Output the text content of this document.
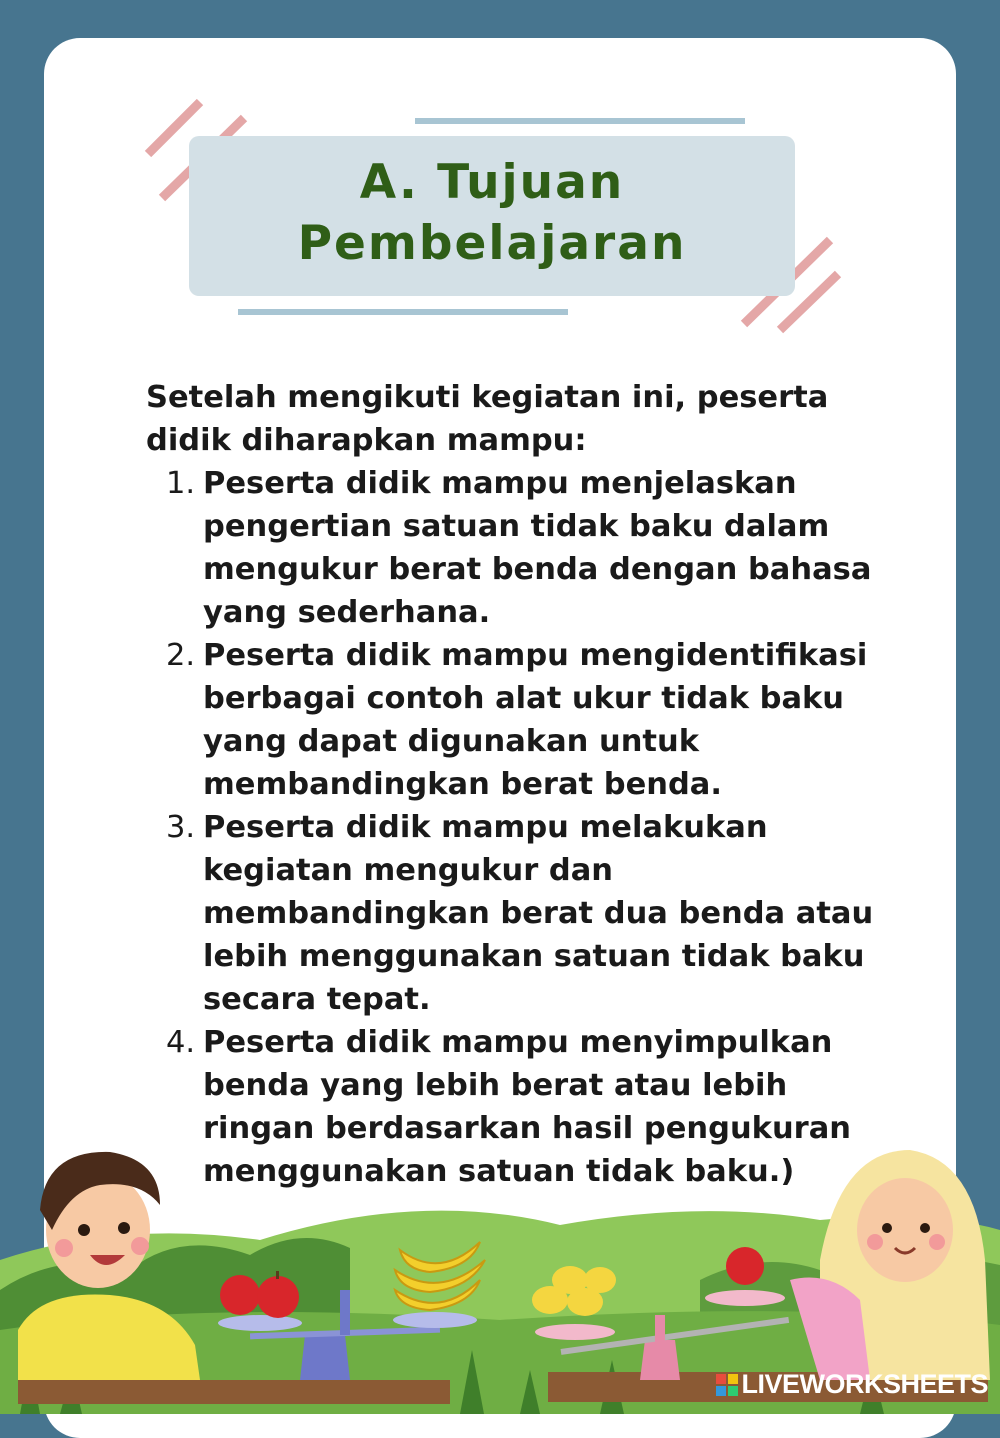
A. Tujuan
Pembelajaran
Setelah mengikuti kegiatan ini, peserta didik diharapkan mampu:
1. Peserta didik mampu menjelaskan pengertian satuan tidak baku dalam mengukur berat benda dengan bahasa yang sederhana.
2. Peserta didik mampu mengidentifikasi berbagai contoh alat ukur tidak baku yang dapat digunakan untuk membandingkan berat benda.
3. Peserta didik mampu melakukan kegiatan mengukur dan membandingkan berat dua benda atau lebih menggunakan satuan tidak baku secara tepat.
4. Peserta didik mampu menyimpulkan benda yang lebih berat atau lebih ringan berdasarkan hasil pengukuran menggunakan satuan tidak baku.)
LIVEWORKSHEETS
